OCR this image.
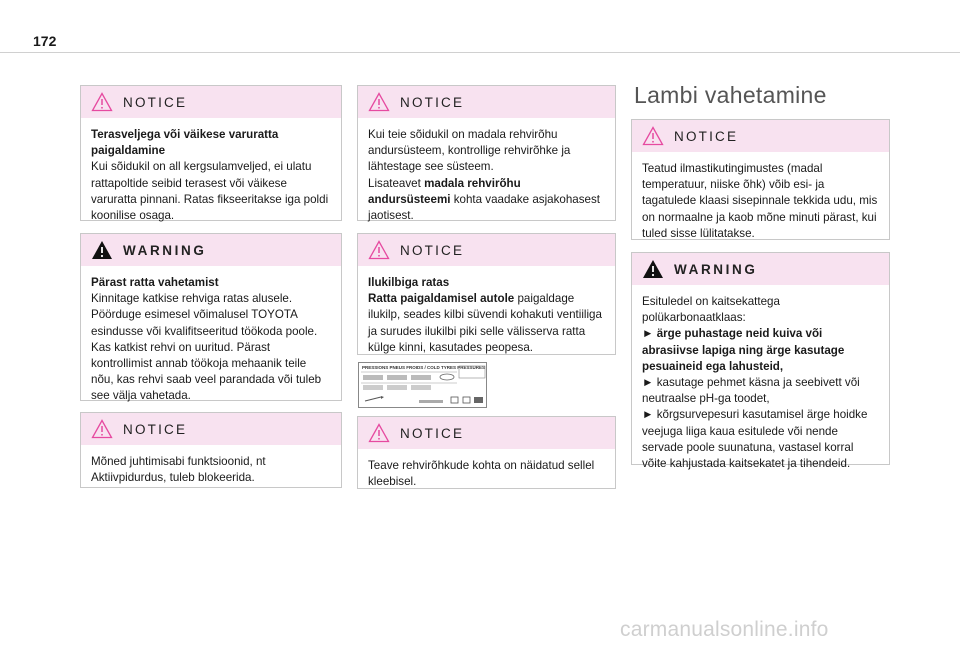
172
NOTICE

Terasveljega või väikese varuratta paigaldamine

Kui sõidukil on all kergsulamveljed, ei ulatu rattapoltide seibid terasest või väikese varuratta pinnani. Ratas fikseeritakse iga poldi koonilise osaga.

WARNING

Pärast ratta vahetamist

Kinnitage katkise rehviga ratas alusele. Pöörduge esimesel võimalusel TOYOTA esindusse või kvalifitseeritud töökoda poole. Kas katkist rehvi on uuritud. Pärast kontrollimist annab töökoja mehaanik teile nõu, kas rehvi saab veel parandada või tuleb see välja vahetada.

NOTICE

Mõned juhtimisabi funktsioonid, nt Aktiivpidurdus, tuleb blokeerida.

NOTICE

Kui teie sõidukil on madala rehvirõhu andursüsteem, kontrollige rehvirõhke ja lähtestage see süsteem.

Lisateavet madala rehvirõhu andursüsteemi kohta vaadake asjakohasest jaotisest.

NOTICE

Ilukilbiga ratas

Ratta paigaldamisel autole paigaldage ilukilp, seades kilbi süvendi kohakuti ventiiliga ja surudes ilukilbi piki selle välisserva ratta külge kinni, kasutades peopesa.

PRESSIONS PNEUS FROIDS / COLD TYRES PRESSURES
NOTICE

Teave rehvirõhkude kohta on näidatud sellel kleebisel.

Lambi vahetamine
NOTICE

Teatud ilmastikutingimustes (madal temperatuur, niiske õhk) võib esi- ja tagatulede klaasi sisepinnale tekkida udu, mis on normaalne ja kaob mõne minuti pärast, kui tuled sisse lülitatakse.

WARNING

Esituledel on kaitsekattega polükarbonaatklaas:

► ärge puhastage neid kuiva või abrasiivse lapiga ning ärge kasutage pesuaineid ega lahusteid,

► kasutage pehmet käsna ja seebivett või neutraalse pH-ga toodet,

► kõrgsurvepesuri kasutamisel ärge hoidke veejuga liiga kaua esitulede või nende servade poole suunatuna, vastasel korral võite kahjustada kaitsekatet ja tihendeid.

carmanualsonline.info
